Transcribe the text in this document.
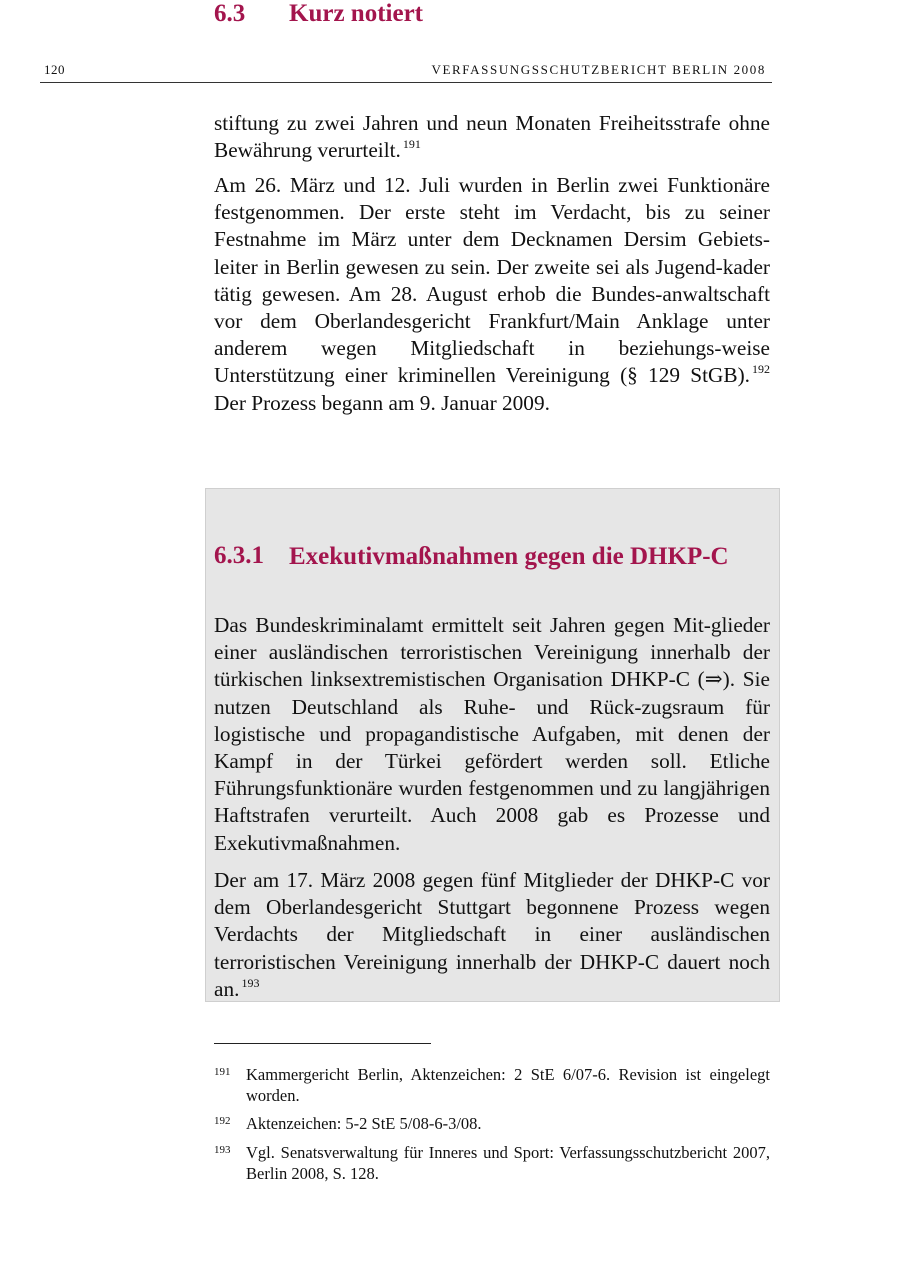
120	VERFASSUNGSSCHUTZBERICHT BERLIN 2008

stiftung zu zwei Jahren und neun Monaten Freiheitsstrafe ohne Bewährung verurteilt. $^{191}$

Am 26. März und 12. Juli wurden in Berlin zwei Funktionäre festgenommen. Der erste steht im Verdacht, bis zu seiner Festnahme im März unter dem Decknamen Dersim Gebiets-leiter in Berlin gewesen zu sein. Der zweite sei als Jugend-kader tätig gewesen. Am 28. August erhob die Bundes-anwaltschaft vor dem Oberlandesgericht Frankfurt/Main Anklage unter anderem wegen Mitgliedschaft in beziehungs-weise Unterstützung einer kriminellen Vereinigung (§ 129 StGB). $^{192}$ Der Prozess begann am 9. Januar 2009.

6.3 Kurz notiert
6.3.1 Exekutivmaßnahmen gegen die DHKP-C

Das Bundeskriminalamt ermittelt seit Jahren gegen Mit-glieder einer ausländischen terroristischen Vereinigung innerhalb der türkischen linksextremistischen Organisation DHKP-C (⇒). Sie nutzen Deutschland als Ruhe- und Rück-zugsraum für logistische und propagandistische Aufgaben, mit denen der Kampf in der Türkei gefördert werden soll. Etliche Führungsfunktionäre wurden festgenommen und zu langjährigen Haftstrafen verurteilt. Auch 2008 gab es Prozesse und Exekutivmaßnahmen.

Der am 17. März 2008 gegen fünf Mitglieder der DHKP-C vor dem Oberlandesgericht Stuttgart begonnene Prozess wegen Verdachts der Mitgliedschaft in einer ausländischen terroristischen Vereinigung innerhalb der DHKP-C dauert noch an. $^{193}$

191 Kammergericht Berlin, Aktenzeichen: 2 StE 6/07-6. Revision ist eingelegt worden.
192 Aktenzeichen: 5-2 StE 5/08-6-3/08.
193 Vgl. Senatsverwaltung für Inneres und Sport: Verfassungsschutzbericht 2007, Berlin 2008, S. 128.
